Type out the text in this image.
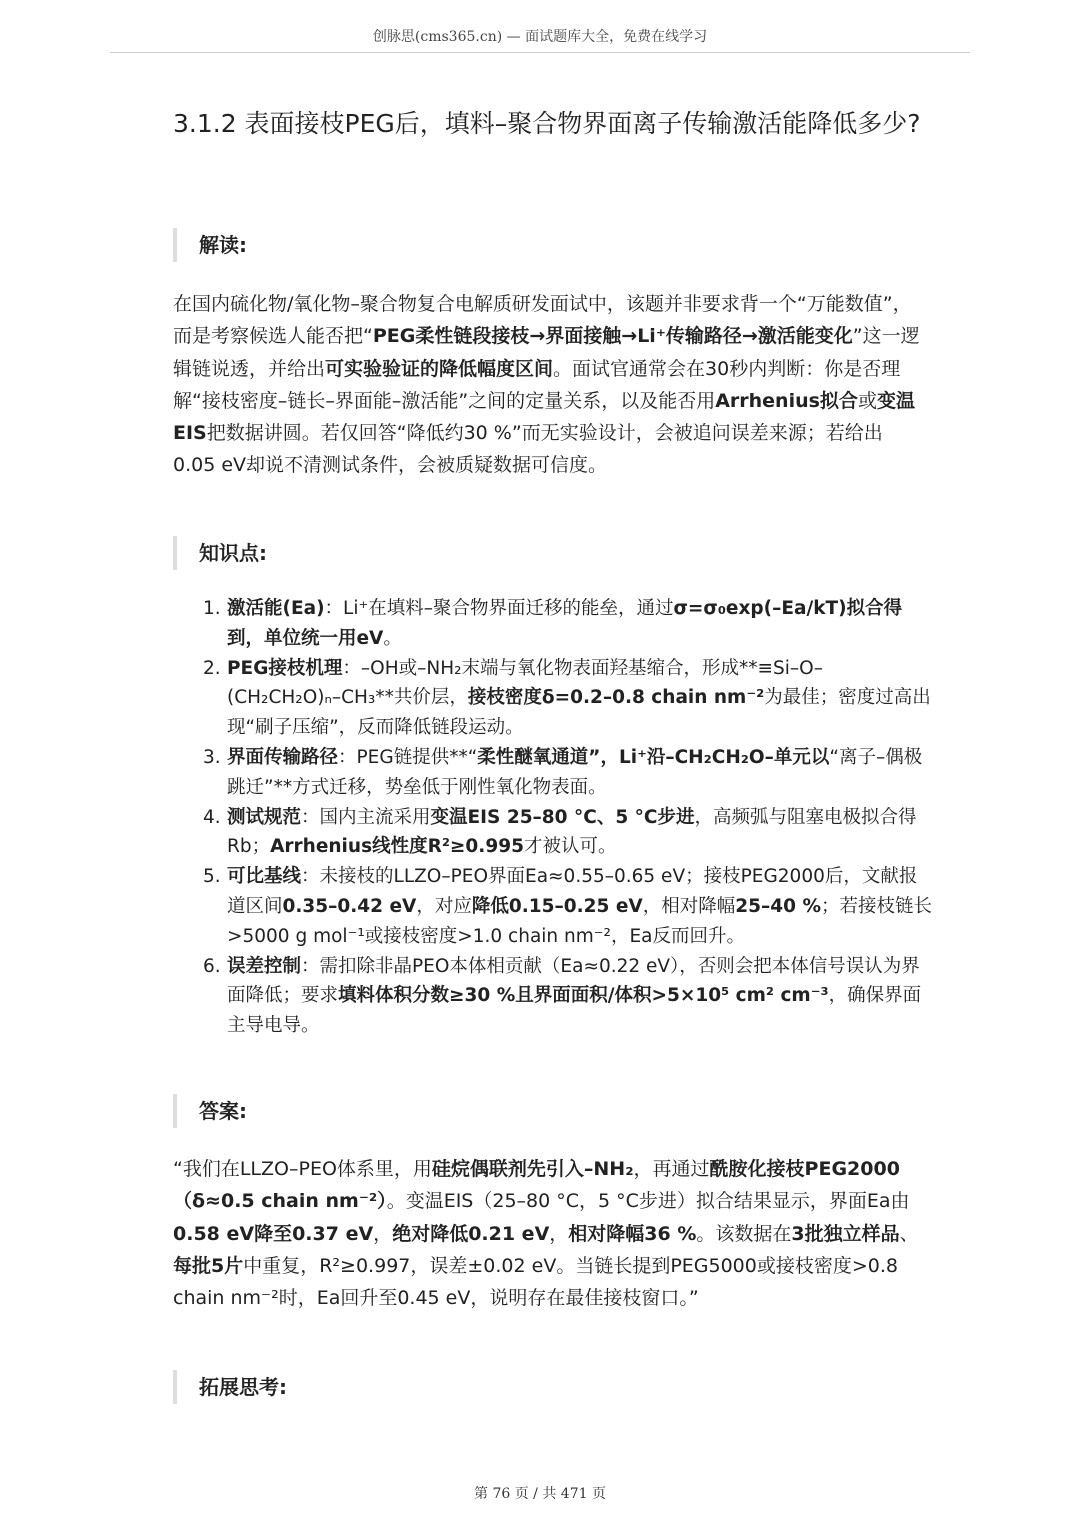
创脉思(cms365.cn) — 面试题库大全，免费在线学习
3.1.2 表面接枝PEG后，填料–聚合物界面离子传输激活能降低多少?
解读:

在国内硫化物/氧化物–聚合物复合电解质研发面试中，该题并非要求背一个“万能数值”，而是考察候选人能否把“PEG柔性链段接枝→界面接触→Li⁺传输路径→激活能变化”这一逻辑链说透，并给出可实验验证的降低幅度区间。面试官通常会在30秒内判断：你是否理解“接枝密度–链长–界面能–激活能”之间的定量关系，以及能否用Arrhenius拟合或变温EIS把数据讲圆。若仅回答“降低约30 %”而无实验设计，会被追问误差来源；若给出0.05 eV却说不清测试条件，会被质疑数据可信度。

知识点:
1. 激活能(Ea)：Li⁺在填料–聚合物界面迁移的能垒，通过σ=σ₀exp(–Ea/kT)拟合得到，单位统一用eV。
2. PEG接枝机理：–OH或–NH₂末端与氧化物表面羟基缩合，形成**≡Si–O–(CH₂CH₂O)ₙ–CH₃**共价层，接枝密度δ=0.2–0.8 chain nm⁻²为最佳；密度过高出现“刷子压缩”，反而降低链段运动。
3. 界面传输路径：PEG链提供**“柔性醚氧通道”，Li⁺沿–CH₂CH₂O–单元以“离子–偶极跳迁”**方式迁移，势垒低于刚性氧化物表面。
4. 测试规范：国内主流采用变温EIS 25–80 °C、5 °C步进，高频弧与阻塞电极拟合得Rb；Arrhenius线性度R²≥0.995才被认可。
5. 可比基线：未接枝的LLZO–PEO界面Ea≈0.55–0.65 eV；接枝PEG2000后，文献报道区间0.35–0.42 eV，对应降低0.15–0.25 eV，相对降幅25–40 %；若接枝链长>5000 g mol⁻¹或接枝密度>1.0 chain nm⁻²，Ea反而回升。
6. 误差控制：需扣除非晶PEO本体相贡献（Ea≈0.22 eV），否则会把本体信号误认为界面降低；要求填料体积分数≥30 %且界面面积/体积>5×10⁵ cm² cm⁻³，确保界面主导电导。
答案:

“我们在LLZO–PEO体系里，用硅烷偶联剂先引入–NH₂，再通过酰胺化接枝PEG2000（δ≈0.5 chain nm⁻²）。变温EIS（25–80 °C，5 °C步进）拟合结果显示，界面Ea由0.58 eV降至0.37 eV，绝对降低0.21 eV，相对降幅36 %。该数据在3批独立样品、每批5片中重复，R²≥0.997，误差±0.02 eV。当链长提到PEG5000或接枝密度>0.8 chain nm⁻²时，Ea回升至0.45 eV，说明存在最佳接枝窗口。”

拓展思考:
第 76 页 / 共 471 页
